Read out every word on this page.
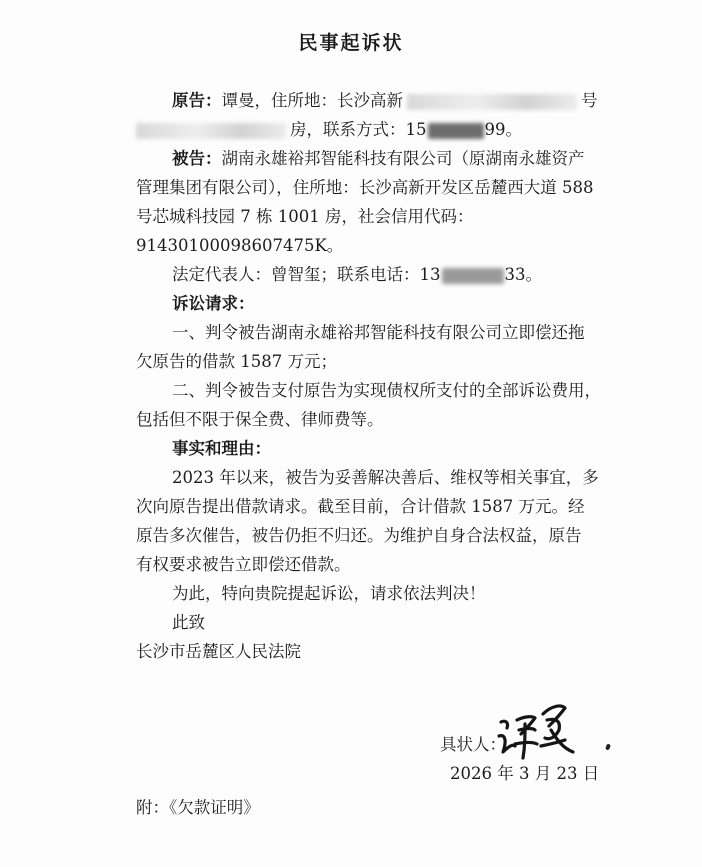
民事起诉状
原告：谭曼，住所地：长沙高新	号
房，联系方式：15	99。
被告：湖南永雄裕邦智能科技有限公司（原湖南永雄资产
管理集团有限公司），住所地：长沙高新开发区岳麓西大道 588
号芯城科技园 7 栋 1001 房，社会信用代码：
91430100098607475K。
法定代表人：曾智玺；联系电话：13	33。
诉讼请求：
一、判令被告湖南永雄裕邦智能科技有限公司立即偿还拖
欠原告的借款 1587 万元；
二、判令被告支付原告为实现债权所支付的全部诉讼费用，
包括但不限于保全费、律师费等。
事实和理由：
2023 年以来，被告为妥善解决善后、维权等相关事宜，多
次向原告提出借款请求。截至目前，合计借款 1587 万元。经
原告多次催告，被告仍拒不归还。为维护自身合法权益，原告
有权要求被告立即偿还借款。
为此，特向贵院提起诉讼，请求依法判决！
此致
长沙市岳麓区人民法院
具状人：
2026 年 3 月 23 日
附：《欠款证明》
